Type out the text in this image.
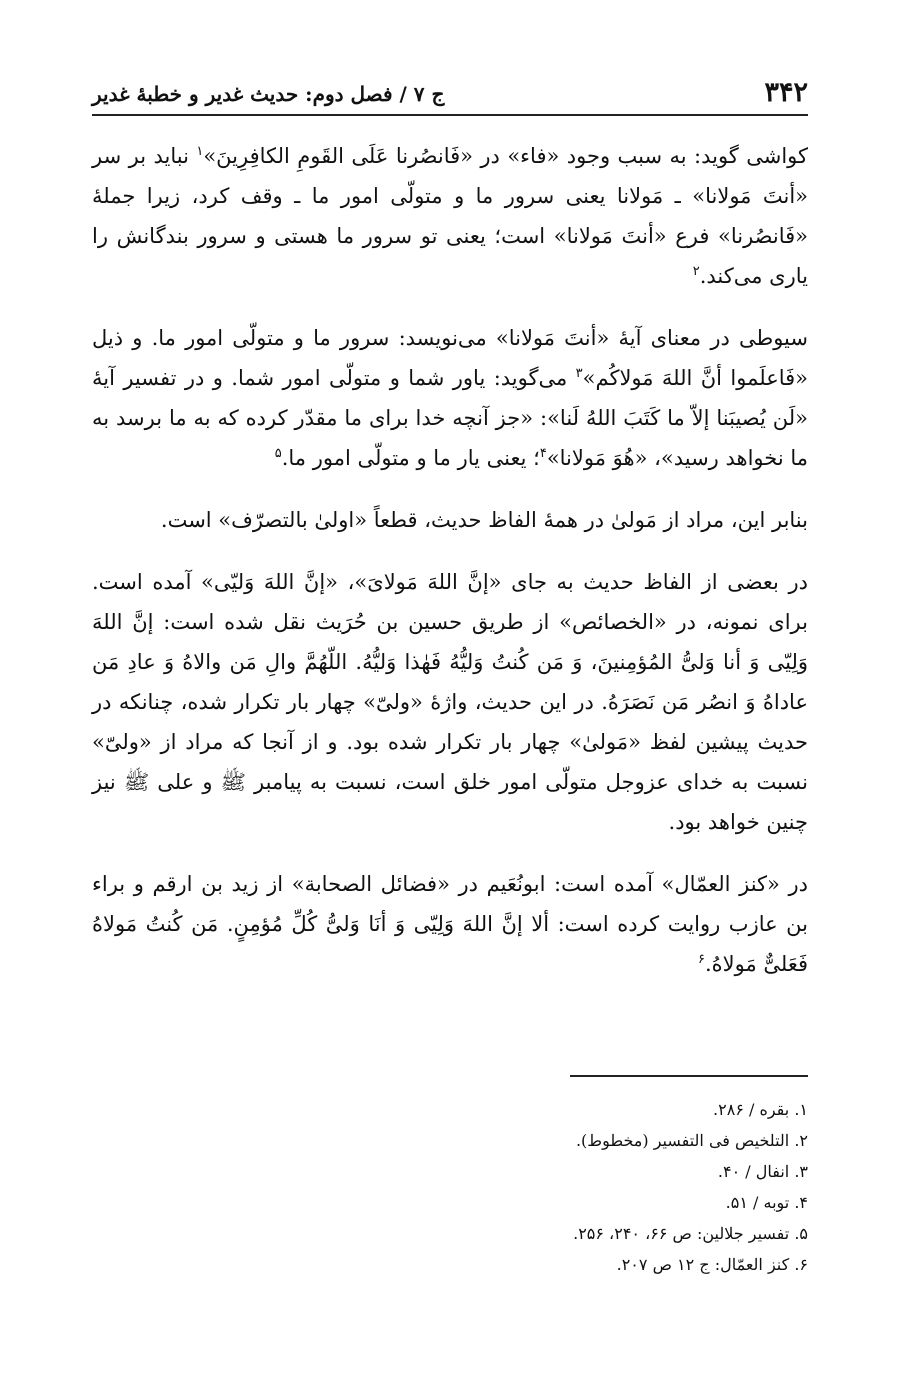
۳۴۲
ج ۷ / فصل دوم: حدیث غدیر و خطبهٔ غدیر

کواشی گوید: به سبب وجود «فاء» در «فَانصُرنا عَلَی القَومِ الکافِرِینَ»$^۱$ نباید بر سر «أنتَ مَولانا» ـ مَولانا یعنی سرور ما و متولّی امور ما ـ وقف کرد، زیرا جملهٔ «فَانصُرنا» فرع «أنتَ مَولانا» است؛ یعنی تو سرور ما هستی و سرور بندگانش را یاری می‌کند.$^۲$

سیوطی در معنای آیهٔ «أنتَ مَولانا» می‌نویسد: سرور ما و متولّی امور ما. و ذیل «فَاعلَموا أنَّ اللهَ مَولاکُم»$^۳$ می‌گوید: یاور شما و متولّی امور شما. و در تفسیر آیهٔ «لَن یُصیبَنا إلاّ ما کَتَبَ اللهُ لَنا»: «جز آنچه خدا برای ما مقدّر کرده که به ما برسد به ما نخواهد رسید»، «هُوَ مَولانا»$^۴$؛ یعنی یار ما و متولّی امور ما.$^۵$

بنابر این، مراد از مَولیٰ در همهٔ الفاظ حدیث، قطعاً «اولیٰ بالتصرّف» است.

در بعضی از الفاظ حدیث به جای «إنَّ اللهَ مَولایَ»، «إنَّ اللهَ وَلیّی» آمده است. برای نمونه، در «الخصائص» از طریق حسین بن حُرَیث نقل شده است: إنَّ اللهَ وَلِیّی وَ أنا وَلیُّ المُؤمِنینَ، وَ مَن کُنتُ وَلیُّهُ فَهٰذا وَلیُّهُ. اللّهُمَّ والِ مَن والاهُ وَ عادِ مَن عاداهُ وَ انصُر مَن نَصَرَهُ. در این حدیث، واژهٔ «ولیّ» چهار بار تکرار شده، چنانکه در حدیث پیشین لفظ «مَولیٰ» چهار بار تکرار شده بود. و از آنجا که مراد از «ولیّ» نسبت به خدای عزوجل متولّی امور خلق است، نسبت به پیامبر ﷺ و علی ﷺ نیز چنین خواهد بود.

در «کنز العمّال» آمده است: ابونُعَیم در «فضائل الصحابة» از زید بن ارقم و براء بن عازب روایت کرده است: ألا إنَّ اللهَ وَلِیّی وَ أنَا وَلیُّ کُلِّ مُؤمِنٍ. مَن کُنتُ مَولاهُ فَعَلیٌّ مَولاهُ.$^۶$

۱. بقره / ۲۸۶.
۲. التلخیص فی التفسیر (مخطوط).
۳. انفال / ۴۰.
۴. توبه / ۵۱.
۵. تفسیر جلالین: ص ۶۶، ۲۴۰، ۲۵۶.
۶. کنز العمّال: ج ۱۲ ص ۲۰۷.
